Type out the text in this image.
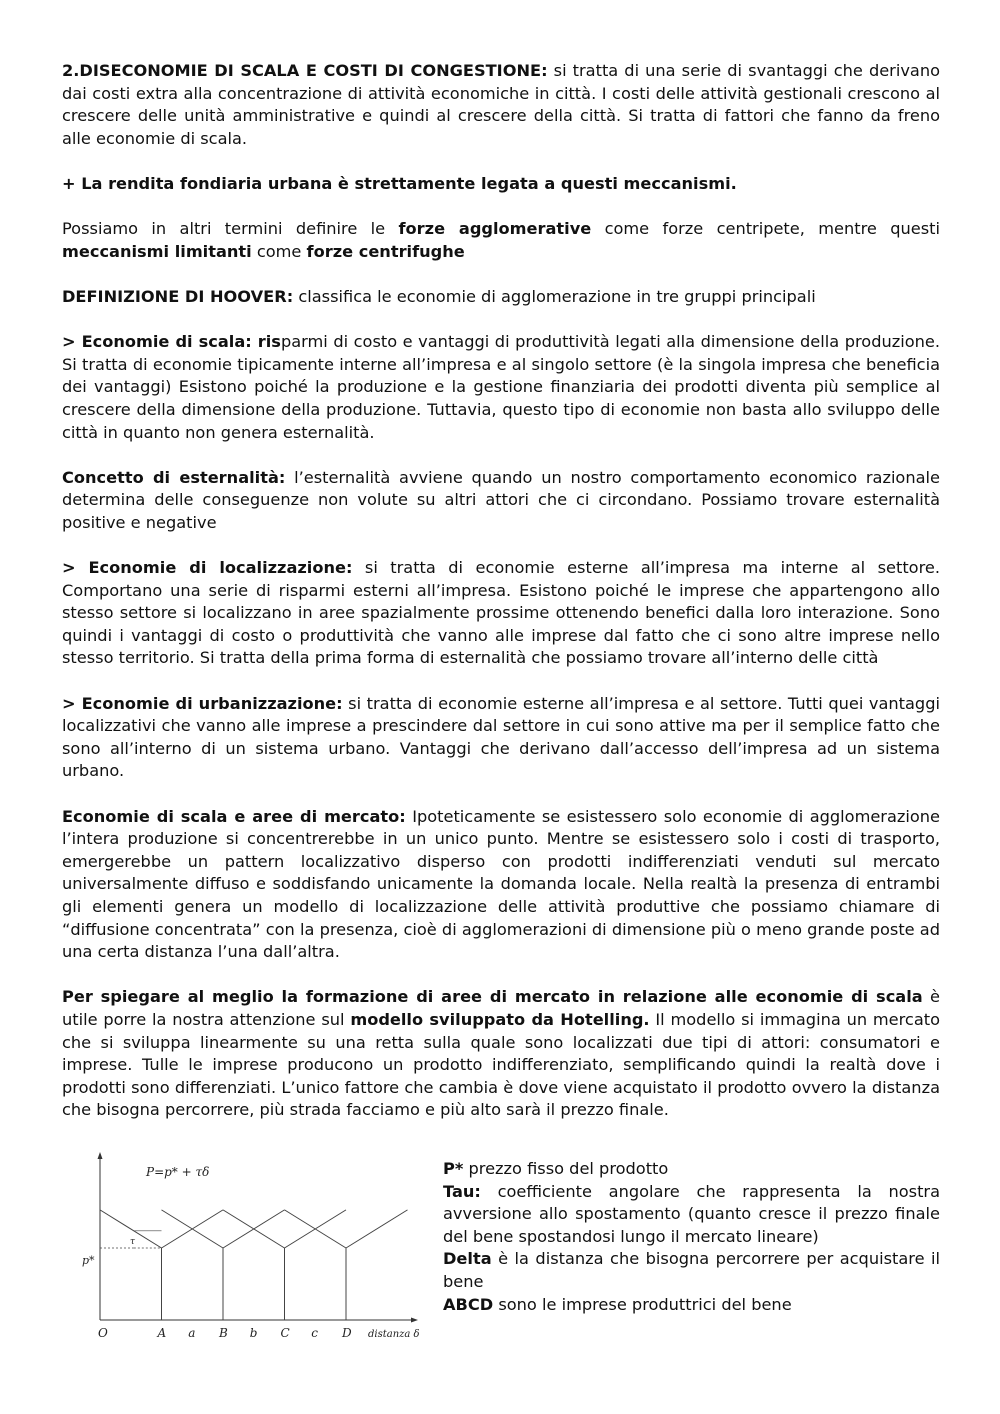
2.DISECONOMIE DI SCALA E COSTI DI CONGESTIONE: si tratta di una serie di svantaggi che derivano dai costi extra alla concentrazione di attività economiche in città. I costi delle attività gestionali crescono al crescere delle unità amministrative e quindi al crescere della città. Si tratta di fattori che fanno da freno alle economie di scala.

+ La rendita fondiaria urbana è strettamente legata a questi meccanismi.

Possiamo in altri termini definire le forze agglomerative come forze centripete, mentre questi meccanismi limitanti come forze centrifughe

DEFINIZIONE DI HOOVER: classifica le economie di agglomerazione in tre gruppi principali

> Economie di scala: risparmi di costo e vantaggi di produttività legati alla dimensione della produzione. Si tratta di economie tipicamente interne all’impresa e al singolo settore (è la singola impresa che beneficia dei vantaggi) Esistono poiché la produzione e la gestione finanziaria dei prodotti diventa più semplice al crescere della dimensione della produzione. Tuttavia, questo tipo di economie non basta allo sviluppo delle città in quanto non genera esternalità.

Concetto di esternalità: l’esternalità avviene quando un nostro comportamento economico razionale determina delle conseguenze non volute su altri attori che ci circondano. Possiamo trovare esternalità positive e negative

> Economie di localizzazione: si tratta di economie esterne all’impresa ma interne al settore. Comportano una serie di risparmi esterni all’impresa. Esistono poiché le imprese che appartengono allo stesso settore si localizzano in aree spazialmente prossime ottenendo benefici dalla loro interazione. Sono quindi i vantaggi di costo o produttività che vanno alle imprese dal fatto che ci sono altre imprese nello stesso territorio. Si tratta della prima forma di esternalità che possiamo trovare all’interno delle città

> Economie di urbanizzazione: si tratta di economie esterne all’impresa e al settore. Tutti quei vantaggi localizzativi che vanno alle imprese a prescindere dal settore in cui sono attive ma per il semplice fatto che sono all’interno di un sistema urbano. Vantaggi che derivano dall’accesso dell’impresa ad un sistema urbano.

Economie di scala e aree di mercato: Ipoteticamente se esistessero solo economie di agglomerazione l’intera produzione si concentrerebbe in un unico punto. Mentre se esistessero solo i costi di trasporto, emergerebbe un pattern localizzativo disperso con prodotti indifferenziati venduti sul mercato universalmente diffuso e soddisfando unicamente la domanda locale. Nella realtà la presenza di entrambi gli elementi genera un modello di localizzazione delle attività produttive che possiamo chiamare di “diffusione concentrata” con la presenza, cioè di agglomerazioni di dimensione più o meno grande poste ad una certa distanza l’una dall’altra.

Per spiegare al meglio la formazione di aree di mercato in relazione alle economie di scala è utile porre la nostra attenzione sul modello sviluppato da Hotelling. Il modello si immagina un mercato che si sviluppa linearmente su una retta sulla quale sono localizzati due tipi di attori: consumatori e imprese. Tulle le imprese producono un prodotto indifferenziato, semplificando quindi la realtà dove i prodotti sono differenziati. L’unico fattore che cambia è dove viene acquistato il prodotto ovvero la distanza che bisogna percorrere, più strada facciamo e più alto sarà il prezzo finale.

P=p* + τδ
p*
τ
O	distanza δ
A a B b C c D

P* prezzo fisso del prodotto

Tau: coefficiente angolare che rappresenta la nostra avversione allo spostamento (quanto cresce il prezzo finale del bene spostandosi lungo il mercato lineare)

Delta è la distanza che bisogna percorrere per acquistare il bene

ABCD sono le imprese produttrici del bene
